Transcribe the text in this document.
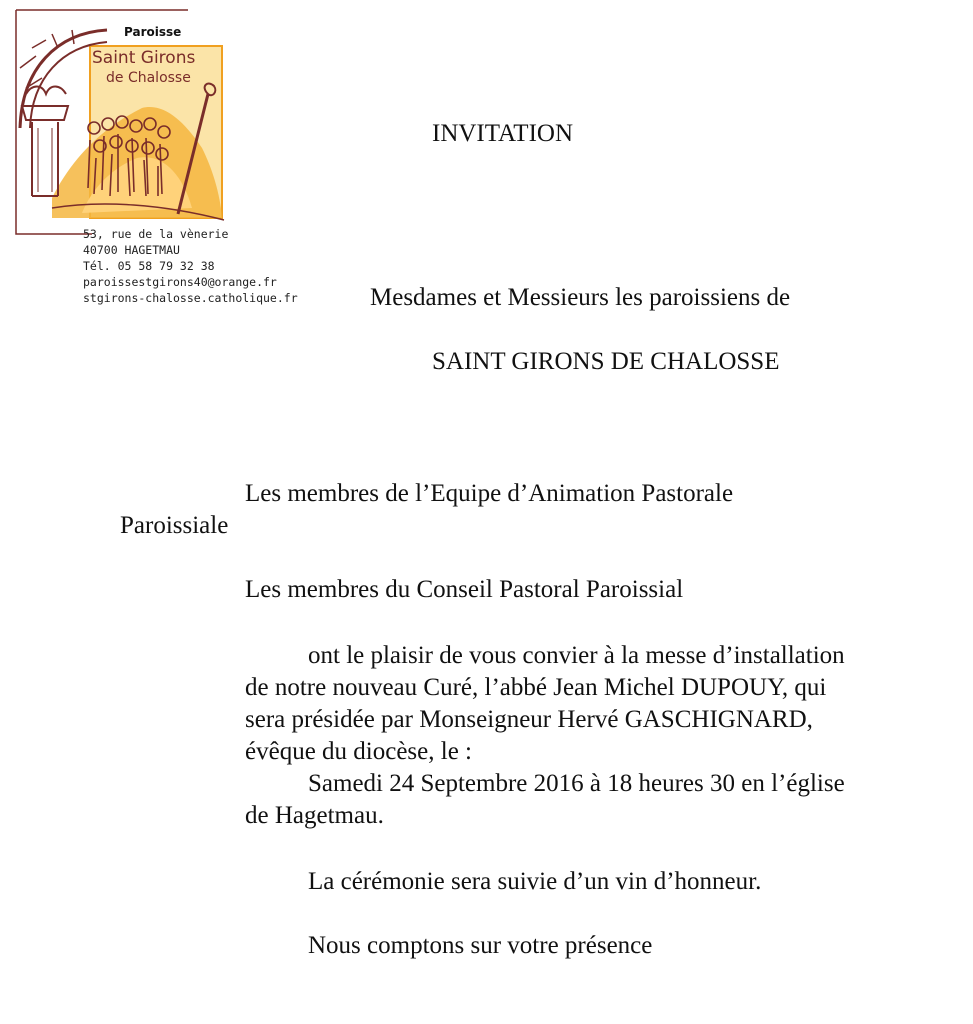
Paroisse
Saint Girons
de Chalosse
53, rue de la vènerie
40700 HAGETMAU
Tél. 05 58 79 32 38
paroissestgirons40@orange.fr
stgirons-chalosse.catholique.fr
INVITATION
Mesdames et Messieurs les paroissiens de
SAINT GIRONS DE CHALOSSE
Les membres de l’Equipe d’Animation Pastorale
Paroissiale
Les membres du Conseil Pastoral Paroissial
ont le plaisir de vous convier à la messe d’installation
de notre nouveau Curé, l’abbé Jean Michel DUPOUY, qui
sera présidée par Monseigneur Hervé GASCHIGNARD,
évêque du diocèse, le :
Samedi 24 Septembre 2016 à 18 heures 30 en l’église
de Hagetmau.
La cérémonie sera suivie d’un vin d’honneur.
Nous comptons sur votre présence
